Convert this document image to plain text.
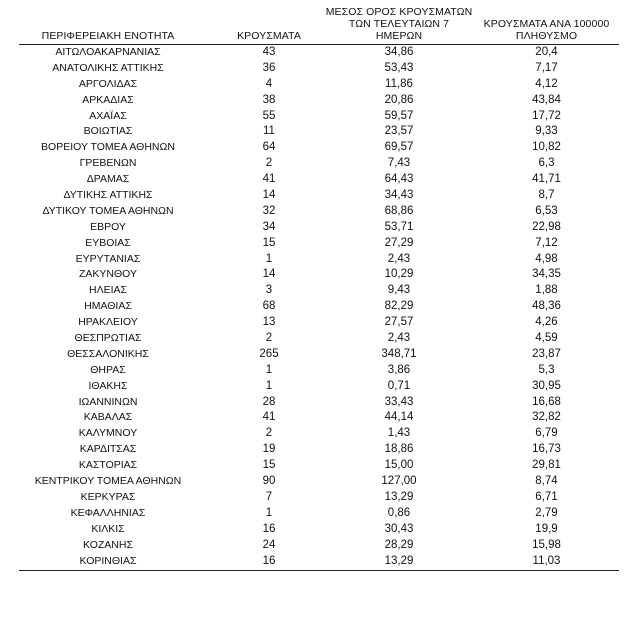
ΠΕΡΙΦΕΡΕΙΑΚΗ ΕΝΟΤΗΤΑ	ΚΡΟΥΣΜΑΤΑ
ΜΕΣΟΣ ΟΡΟΣ ΚΡΟΥΣΜΑΤΩΝ
ΤΩΝ ΤΕΛΕΥΤΑΙΩΝ 7
ΗΜΕΡΩΝ
ΚΡΟΥΣΜΑΤΑ ΑΝΑ 100000
ΠΛΗΘΥΣΜΟ
ΑΙΤΩΛΟΑΚΑΡΝΑΝΙΑΣ	43	34,86	20,4
ΑΝΑΤΟΛΙΚΗΣ ΑΤΤΙΚΗΣ	36	53,43	7,17
ΑΡΓΟΛΙΔΑΣ	4	11,86	4,12
ΑΡΚΑΔΙΑΣ	38	20,86	43,84
ΑΧΑΪΑΣ	55	59,57	17,72
ΒΟΙΩΤΙΑΣ	11	23,57	9,33
ΒΟΡΕΙΟΥ ΤΟΜΕΑ ΑΘΗΝΩΝ	64	69,57	10,82
ΓΡΕΒΕΝΩΝ	2	7,43	6,3
ΔΡΑΜΑΣ	41	64,43	41,71
ΔΥΤΙΚΗΣ ΑΤΤΙΚΗΣ	14	34,43	8,7
ΔΥΤΙΚΟΥ ΤΟΜΕΑ ΑΘΗΝΩΝ	32	68,86	6,53
ΕΒΡΟΥ	34	53,71	22,98
ΕΥΒΟΙΑΣ	15	27,29	7,12
ΕΥΡΥΤΑΝΙΑΣ	1	2,43	4,98
ΖΑΚΥΝΘΟΥ	14	10,29	34,35
ΗΛΕΙΑΣ	3	9,43	1,88
ΗΜΑΘΙΑΣ	68	82,29	48,36
ΗΡΑΚΛΕΙΟΥ	13	27,57	4,26
ΘΕΣΠΡΩΤΙΑΣ	2	2,43	4,59
ΘΕΣΣΑΛΟΝΙΚΗΣ	265	348,71	23,87
ΘΗΡΑΣ	1	3,86	5,3
ΙΘΑΚΗΣ	1	0,71	30,95
ΙΩΑΝΝΙΝΩΝ	28	33,43	16,68
ΚΑΒΑΛΑΣ	41	44,14	32,82
ΚΑΛΥΜΝΟΥ	2	1,43	6,79
ΚΑΡΔΙΤΣΑΣ	19	18,86	16,73
ΚΑΣΤΟΡΙΑΣ	15	15,00	29,81
ΚΕΝΤΡΙΚΟΥ ΤΟΜΕΑ ΑΘΗΝΩΝ	90	127,00	8,74
ΚΕΡΚΥΡΑΣ	7	13,29	6,71
ΚΕΦΑΛΛΗΝΙΑΣ	1	0,86	2,79
ΚΙΛΚΙΣ	16	30,43	19,9
ΚΟΖΑΝΗΣ	24	28,29	15,98
ΚΟΡΙΝΘΙΑΣ	16	13,29	11,03
